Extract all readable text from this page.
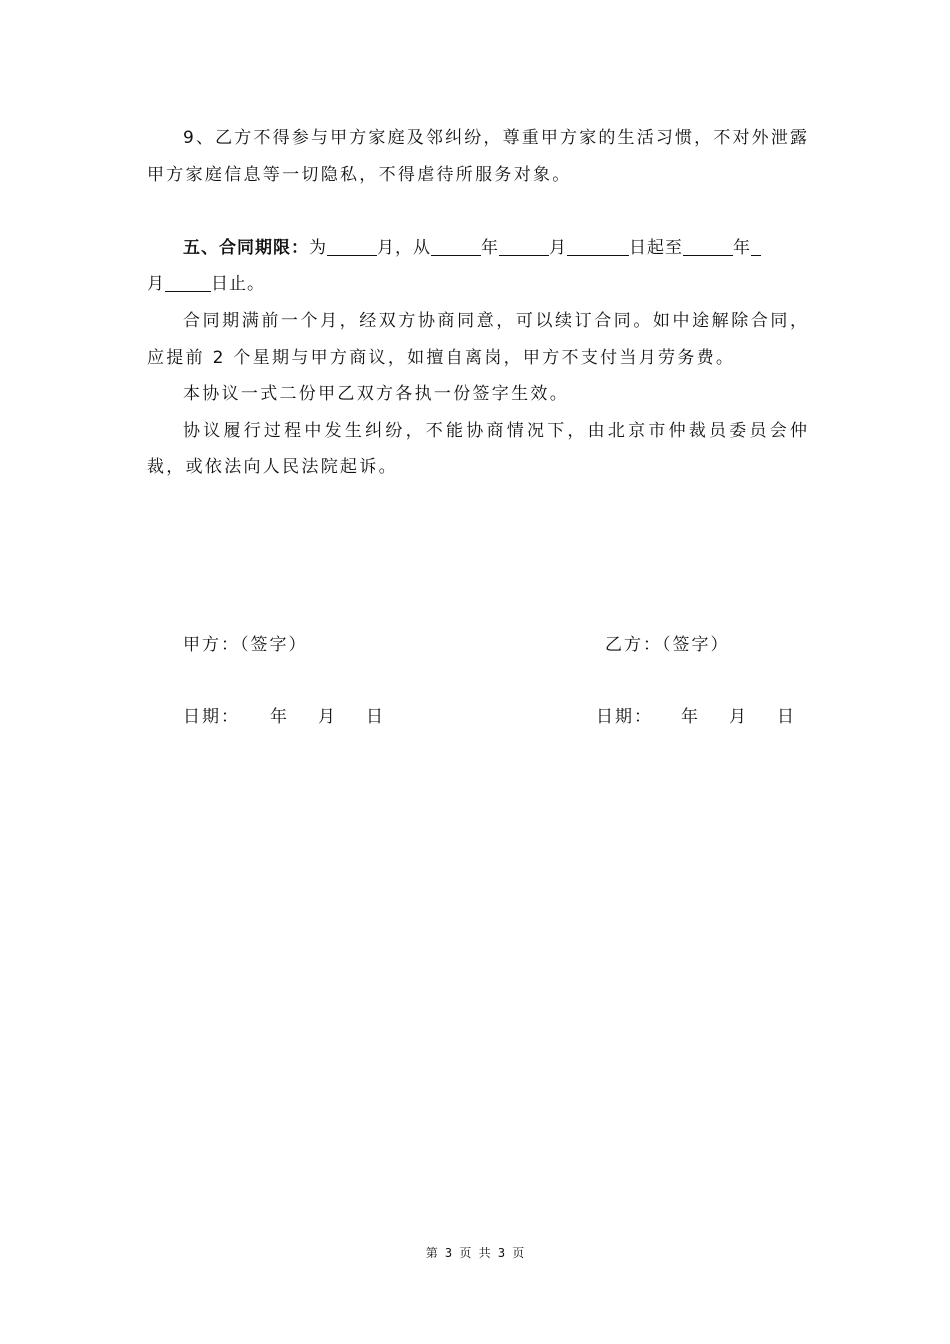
9、乙方不得参与甲方家庭及邻纠纷，尊重甲方家的生活习惯，不对外泄露
甲方家庭信息等一切隐私，不得虐待所服务对象。
五、合同期限：为	月，从	年	月	日起至	年
月	日止。
合同期满前一个月，经双方协商同意，可以续订合同。如中途解除合同，
应提前 2 个星期与甲方商议，如擅自离岗，甲方不支付当月劳务费。
本协议一式二份甲乙双方各执一份签字生效。
协议履行过程中发生纠纷，不能协商情况下，由北京市仲裁员委员会仲
裁，或依法向人民法院起诉。
甲方：（签字）	乙方：（签字）
日期： 年 月 日	日期： 年 月 日
第 3 页 共 3 页
